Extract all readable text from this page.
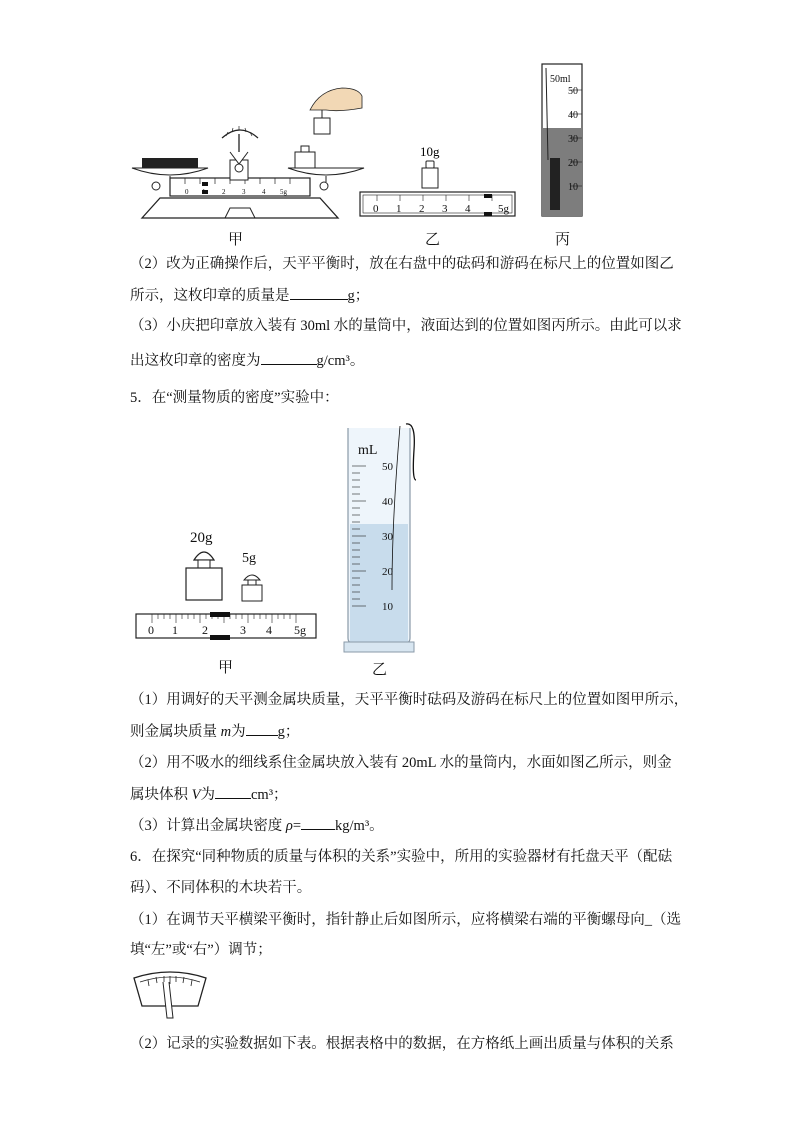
0 1 2 3 4 5g
10g
0 1 2 3 4	5g
50ml
50
40
30
20
10
甲	乙	丙
（2）改为正确操作后，天平平衡时，放在右盘中的砝码和游码在标尺上的位置如图乙
所示，这枚印章的质量是	g；
（3）小庆把印章放入装有 30ml 水的量筒中，液面达到的位置如图丙所示。由此可以求
出这枚印章的密度为	g/cm³。
5．在“测量物质的密度”实验中：
20g
5g
0 1 2	3 4 5g
mL
50
40
30
20
10
甲	乙
（1）用调好的天平测金属块质量，天平平衡时砝码及游码在标尺上的位置如图甲所示，
则金属块质量 m为 g；
（2）用不吸水的细线系住金属块放入装有 20mL 水的量筒内，水面如图乙所示，则金
属块体积 V为 cm³；
（3）计算出金属块密度 ρ= kg/m³。
6．在探究“同种物质的质量与体积的关系”实验中，所用的实验器材有托盘天平（配砝
码）、不同体积的木块若干。
（1）在调节天平横梁平衡时，指针静止后如图所示，应将横梁右端的平衡螺母向_（选
填“左”或“右”）调节；
（2）记录的实验数据如下表。根据表格中的数据，在方格纸上画出质量与体积的关系
